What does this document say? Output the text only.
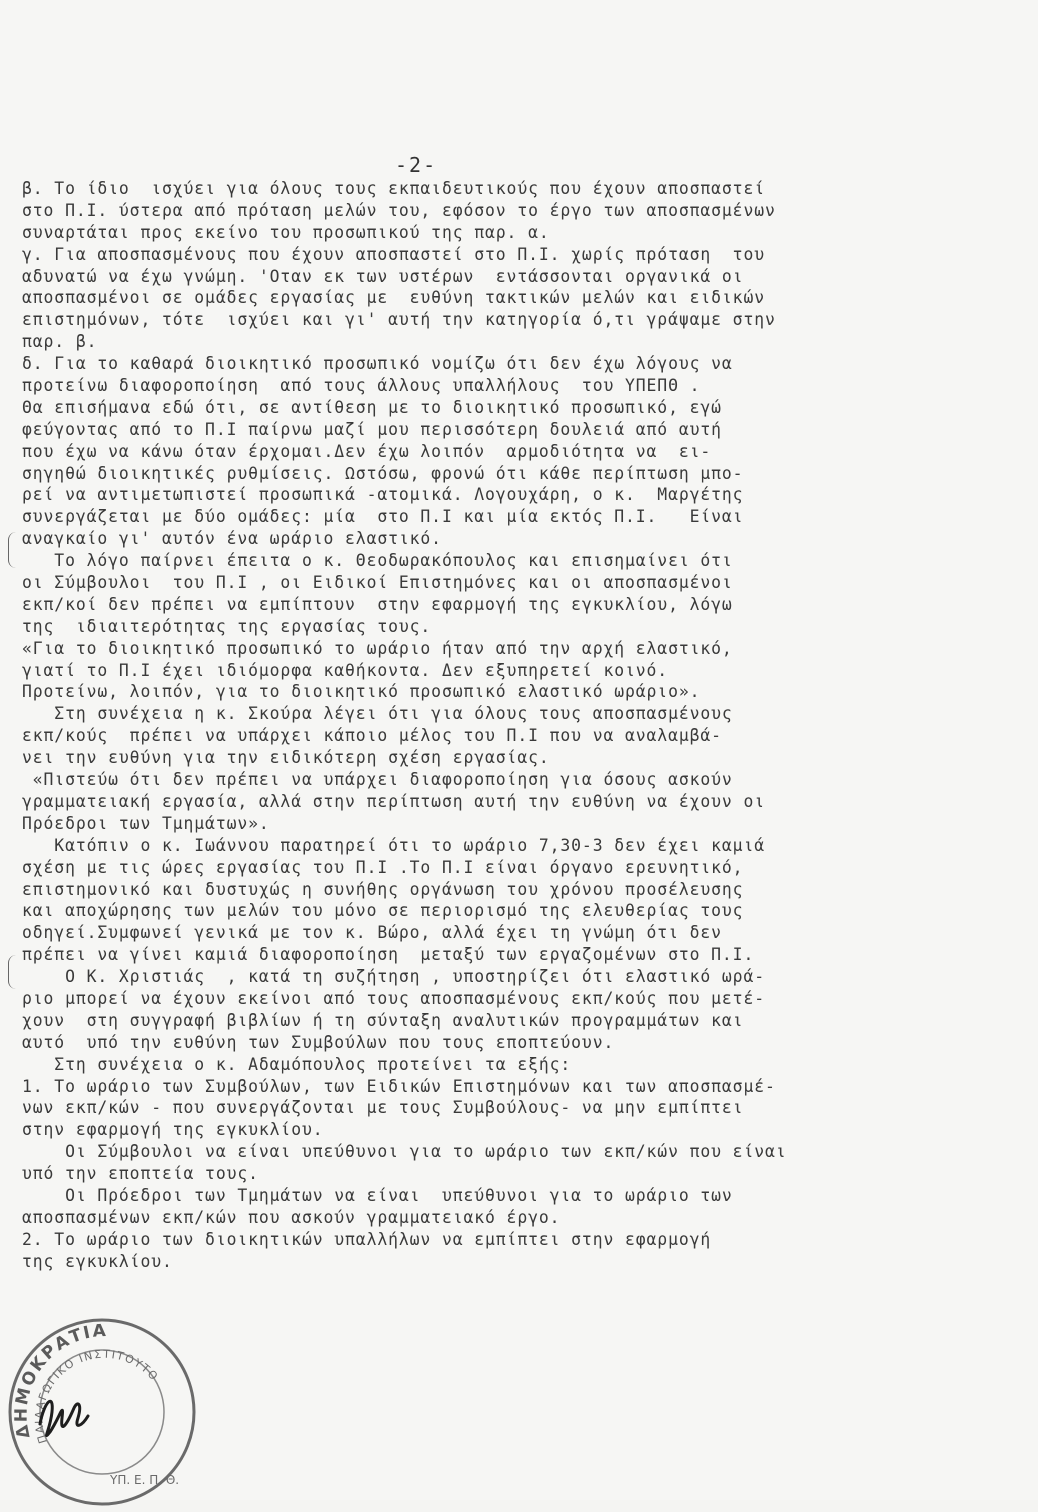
-2-
β. Το ίδιο  ισχύει για όλους τους εκπαιδευτικούς που έχουν αποσπαστεί
στο Π.Ι. ύστερα από πρόταση μελών του, εφόσον το έργο των αποσπασμένων
συναρτάται προς εκείνο του προσωπικού της παρ. α.
γ. Για αποσπασμένους που έχουν αποσπαστεί στο Π.Ι. χωρίς πρόταση  του
αδυνατώ να έχω γνώμη. 'Οταν εκ των υστέρων  εντάσσονται οργανικά οι
αποσπασμένοι σε ομάδες εργασίας με  ευθύνη τακτικών μελών και ειδικών
επιστημόνων, τότε  ισχύει και γι' αυτή την κατηγορία ό,τι γράψαμε στην
παρ. β.
δ. Για το καθαρά διοικητικό προσωπικό νομίζω ότι δεν έχω λόγους να
προτείνω διαφοροποίηση  από τους άλλους υπαλλήλους  του ΥΠΕΠΘ .
Θα επισήμανα εδώ ότι, σε αντίθεση με το διοικητικό προσωπικό, εγώ
φεύγοντας από το Π.Ι παίρνω μαζί μου περισσότερη δουλειά από αυτή
που έχω να κάνω όταν έρχομαι.Δεν έχω λοιπόν  αρμοδιότητα να  ει-
σηγηθώ διοικητικές ρυθμίσεις. Ωστόσω, φρονώ ότι κάθε περίπτωση μπο-
ρεί να αντιμετωπιστεί προσωπικά -ατομικά. Λογουχάρη, ο κ.  Μαργέτης
συνεργάζεται με δύο ομάδες: μία  στο Π.Ι και μία εκτός Π.Ι.   Είναι
αναγκαίο γι' αυτόν ένα ωράριο ελαστικό.
Το λόγο παίρνει έπειτα ο κ. Θεοδωρακόπουλος και επισημαίνει ότι
οι Σύμβουλοι  του Π.Ι , οι Ειδικοί Επιστημόνες και οι αποσπασμένοι
εκπ/κοί δεν πρέπει να εμπίπτουν  στην εφαρμογή της εγκυκλίου, λόγω
της  ιδιαιτερότητας της εργασίας τους.
«Για το διοικητικό προσωπικό το ωράριο ήταν από την αρχή ελαστικό,
γιατί το Π.Ι έχει ιδιόμορφα καθήκοντα. Δεν εξυπηρετεί κοινό.
Προτείνω, λοιπόν, για το διοικητικό προσωπικό ελαστικό ωράριο».
Στη συνέχεια η κ. Σκούρα λέγει ότι για όλους τους αποσπασμένους
εκπ/κούς  πρέπει να υπάρχει κάποιο μέλος του Π.Ι που να αναλαμβά-
νει την ευθύνη για την ειδικότερη σχέση εργασίας.
«Πιστεύω ότι δεν πρέπει να υπάρχει διαφοροποίηση για όσους ασκούν
γραμματειακή εργασία, αλλά στην περίπτωση αυτή την ευθύνη να έχουν οι
Πρόεδροι των Τμημάτων».
Κατόπιν ο κ. Ιωάννου παρατηρεί ότι το ωράριο 7,30-3 δεν έχει καμιά
σχέση με τις ώρες εργασίας του Π.Ι .Το Π.Ι είναι όργανο ερευνητικό,
επιστημονικό και δυστυχώς η συνήθης οργάνωση του χρόνου προσέλευσης
και αποχώρησης των μελών του μόνο σε περιορισμό της ελευθερίας τους
οδηγεί.Συμφωνεί γενικά με τον κ. Βώρο, αλλά έχει τη γνώμη ότι δεν
πρέπει να γίνει καμιά διαφοροποίηση  μεταξύ των εργαζομένων στο Π.Ι.
Ο Κ. Χριστιάς  , κατά τη συζήτηση , υποστηρίζει ότι ελαστικό ωρά-
ριο μπορεί να έχουν εκείνοι από τους αποσπασμένους εκπ/κούς που μετέ-
χουν  στη συγγραφή βιβλίων ή τη σύνταξη αναλυτικών προγραμμάτων και
αυτό  υπό την ευθύνη των Συμβούλων που τους εποπτεύουν.
Στη συνέχεια ο κ. Αδαμόπουλος προτείνει τα εξής:
1. Το ωράριο των Συμβούλων, των Ειδικών Επιστημόνων και των αποσπασμέ-
νων εκπ/κών - που συνεργάζονται με τους Συμβούλους- να μην εμπίπτει
στην εφαρμογή της εγκυκλίου.
Οι Σύμβουλοι να είναι υπεύθυνοι για το ωράριο των εκπ/κών που είναι
υπό την εποπτεία τους.
Οι Πρόεδροι των Τμημάτων να είναι  υπεύθυνοι για το ωράριο των
αποσπασμένων εκπ/κών που ασκούν γραμματειακό έργο.
2. Το ωράριο των διοικητικών υπαλλήλων να εμπίπτει στην εφαρμογή
της εγκυκλίου.
ΔΗΜΟΚΡΑΤΙΑ
ΠΑΙΔΑΓΩΓΙΚΟ ΙΝΣΤΙΤΟΥΤΟ
ΥΠ. Ε. Π. Θ.
